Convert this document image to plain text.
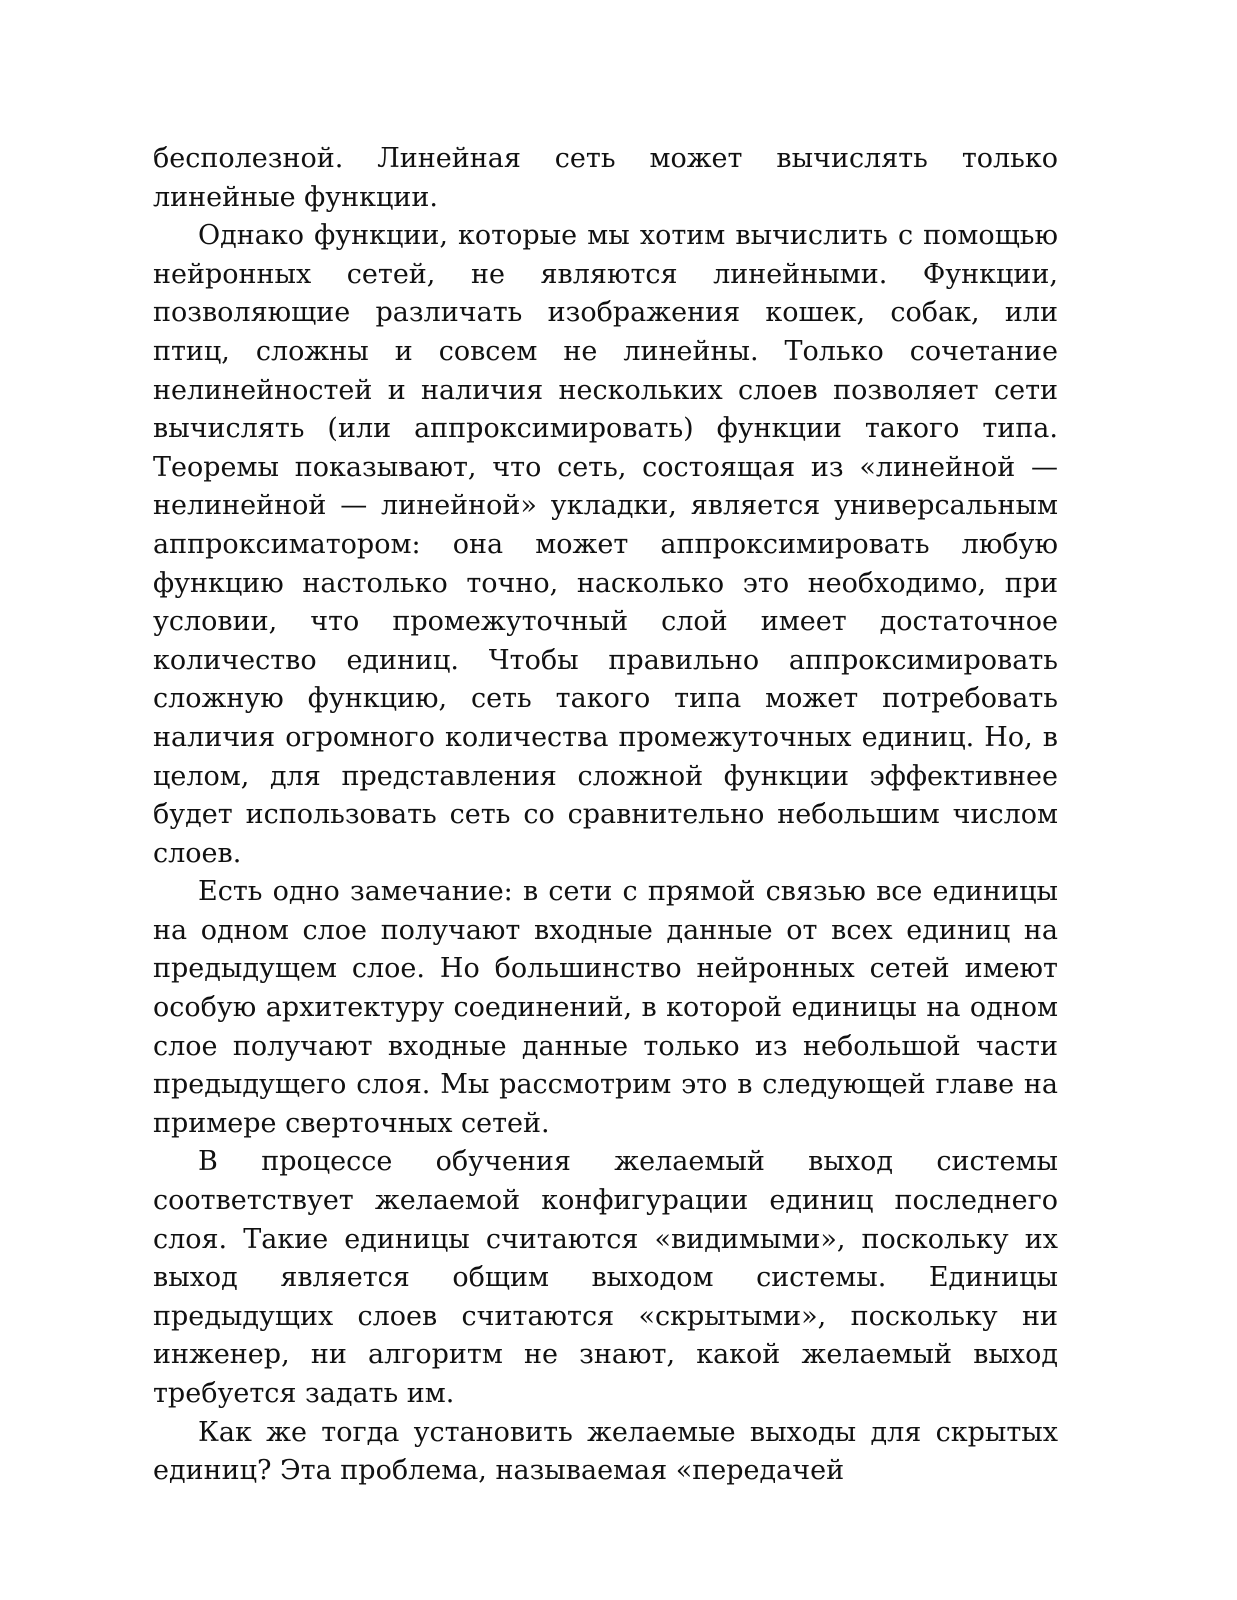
бесполезной. Линейная сеть может вычислять только линейные функции.

Однако функции, которые мы хотим вычислить с помощью нейронных сетей, не являются линейными. Функции, позволяющие различать изображения кошек, собак, или птиц, сложны и совсем не линейны. Только сочетание нелинейностей и наличия нескольких слоев позволяет сети вычислять (или аппроксимировать) функции такого типа. Теоремы показывают, что сеть, состоящая из «линейной — нелинейной — линейной» укладки, является универсальным аппроксиматором: она может аппроксимировать любую функцию настолько точно, насколько это необходимо, при условии, что промежуточный слой имеет достаточное количество единиц. Чтобы правильно аппроксимировать сложную функцию, сеть такого типа может потребовать наличия огромного количества промежуточных единиц. Но, в целом, для представления сложной функции эффективнее будет использовать сеть со сравнительно небольшим числом слоев.

Есть одно замечание: в сети с прямой связью все единицы на одном слое получают входные данные от всех единиц на предыдущем слое. Но большинство нейронных сетей имеют особую архитектуру соединений, в которой единицы на одном слое получают входные данные только из небольшой части предыдущего слоя. Мы рассмотрим это в следующей главе на примере сверточных сетей.

В процессе обучения желаемый выход системы соответствует желаемой конфигурации единиц последнего слоя. Такие единицы считаются «видимыми», поскольку их выход является общим выходом системы. Единицы предыдущих слоев считаются «скрытыми», поскольку ни инженер, ни алгоритм не знают, какой желаемый выход требуется задать им.

Как же тогда установить желаемые выходы для скрытых единиц? Эта проблема, называемая «передачей
